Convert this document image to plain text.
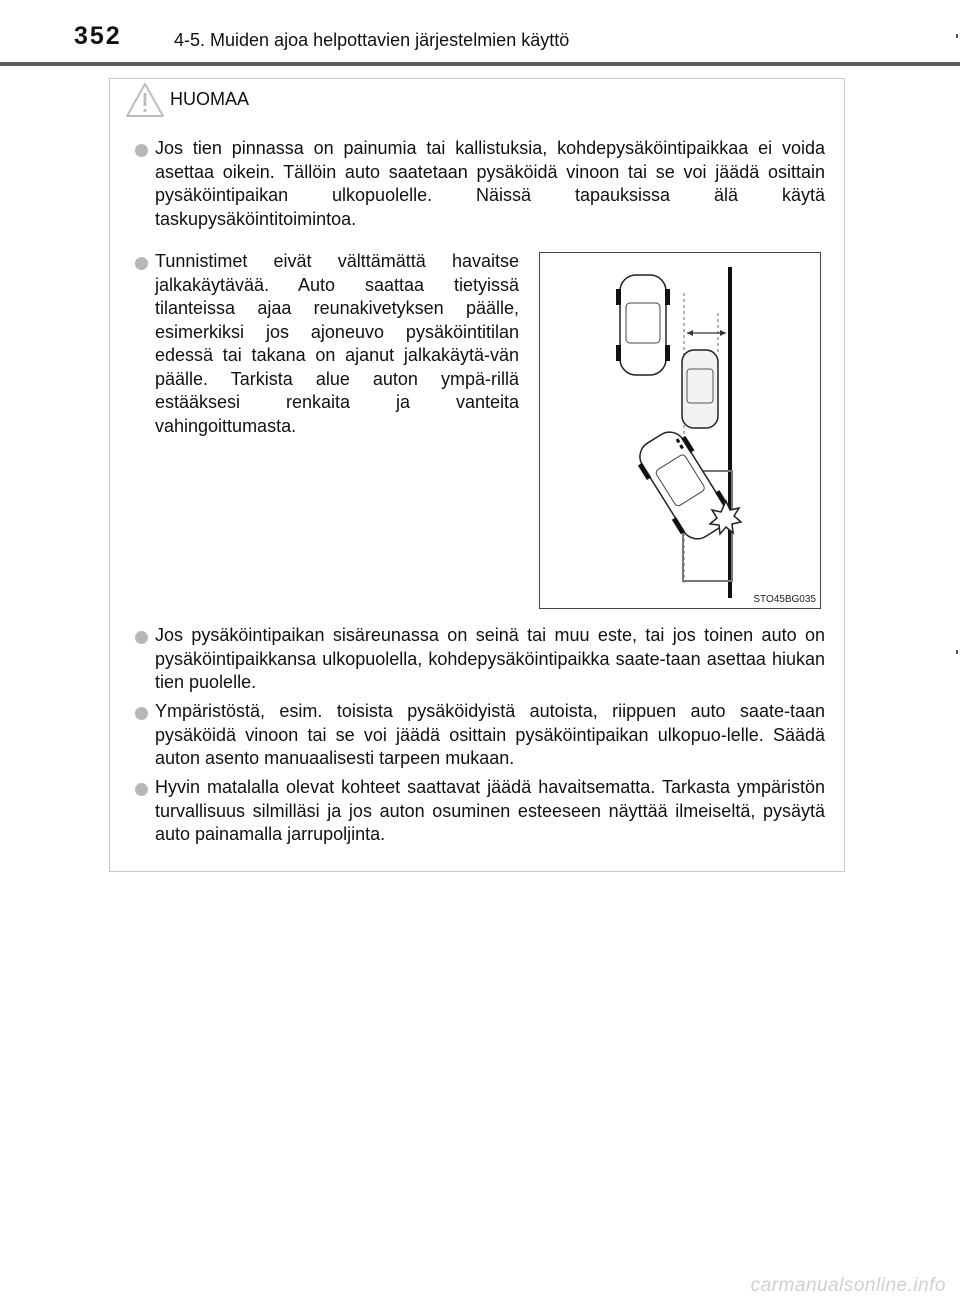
352	4-5. Muiden ajoa helpottavien järjestelmien käyttö
HUOMAA
Jos tien pinnassa on painumia tai kallistuksia, kohdepysäköintipaikkaa ei voida asettaa oikein. Tällöin auto saatetaan pysäköidä vinoon tai se voi jäädä osittain pysäköintipaikan ulkopuolelle. Näissä tapauksissa älä käytä taskupysäköintitoimintoa.
Tunnistimet eivät välttämättä havaitse jalkakäytävää. Auto saattaa tietyissä tilanteissa ajaa reunakivetyksen päälle, esimerkiksi jos ajoneuvo pysäköintitilan edessä tai takana on ajanut jalkakäytä-vän päälle. Tarkista alue auton ympä-rillä estääksesi renkaita ja vanteita vahingoittumasta.
STO45BG035
Jos pysäköintipaikan sisäreunassa on seinä tai muu este, tai jos toinen auto on pysäköintipaikkansa ulkopuolella, kohdepysäköintipaikka saate-taan asettaa hiukan tien puolelle.
Ympäristöstä, esim. toisista pysäköidyistä autoista, riippuen auto saate-taan pysäköidä vinoon tai se voi jäädä osittain pysäköintipaikan ulkopuo-lelle. Säädä auton asento manuaalisesti tarpeen mukaan.
Hyvin matalalla olevat kohteet saattavat jäädä havaitsematta. Tarkasta ympäristön turvallisuus silmilläsi ja jos auton osuminen esteeseen näyttää ilmeiseltä, pysäytä auto painamalla jarrupoljinta.
carmanualsonline.info
